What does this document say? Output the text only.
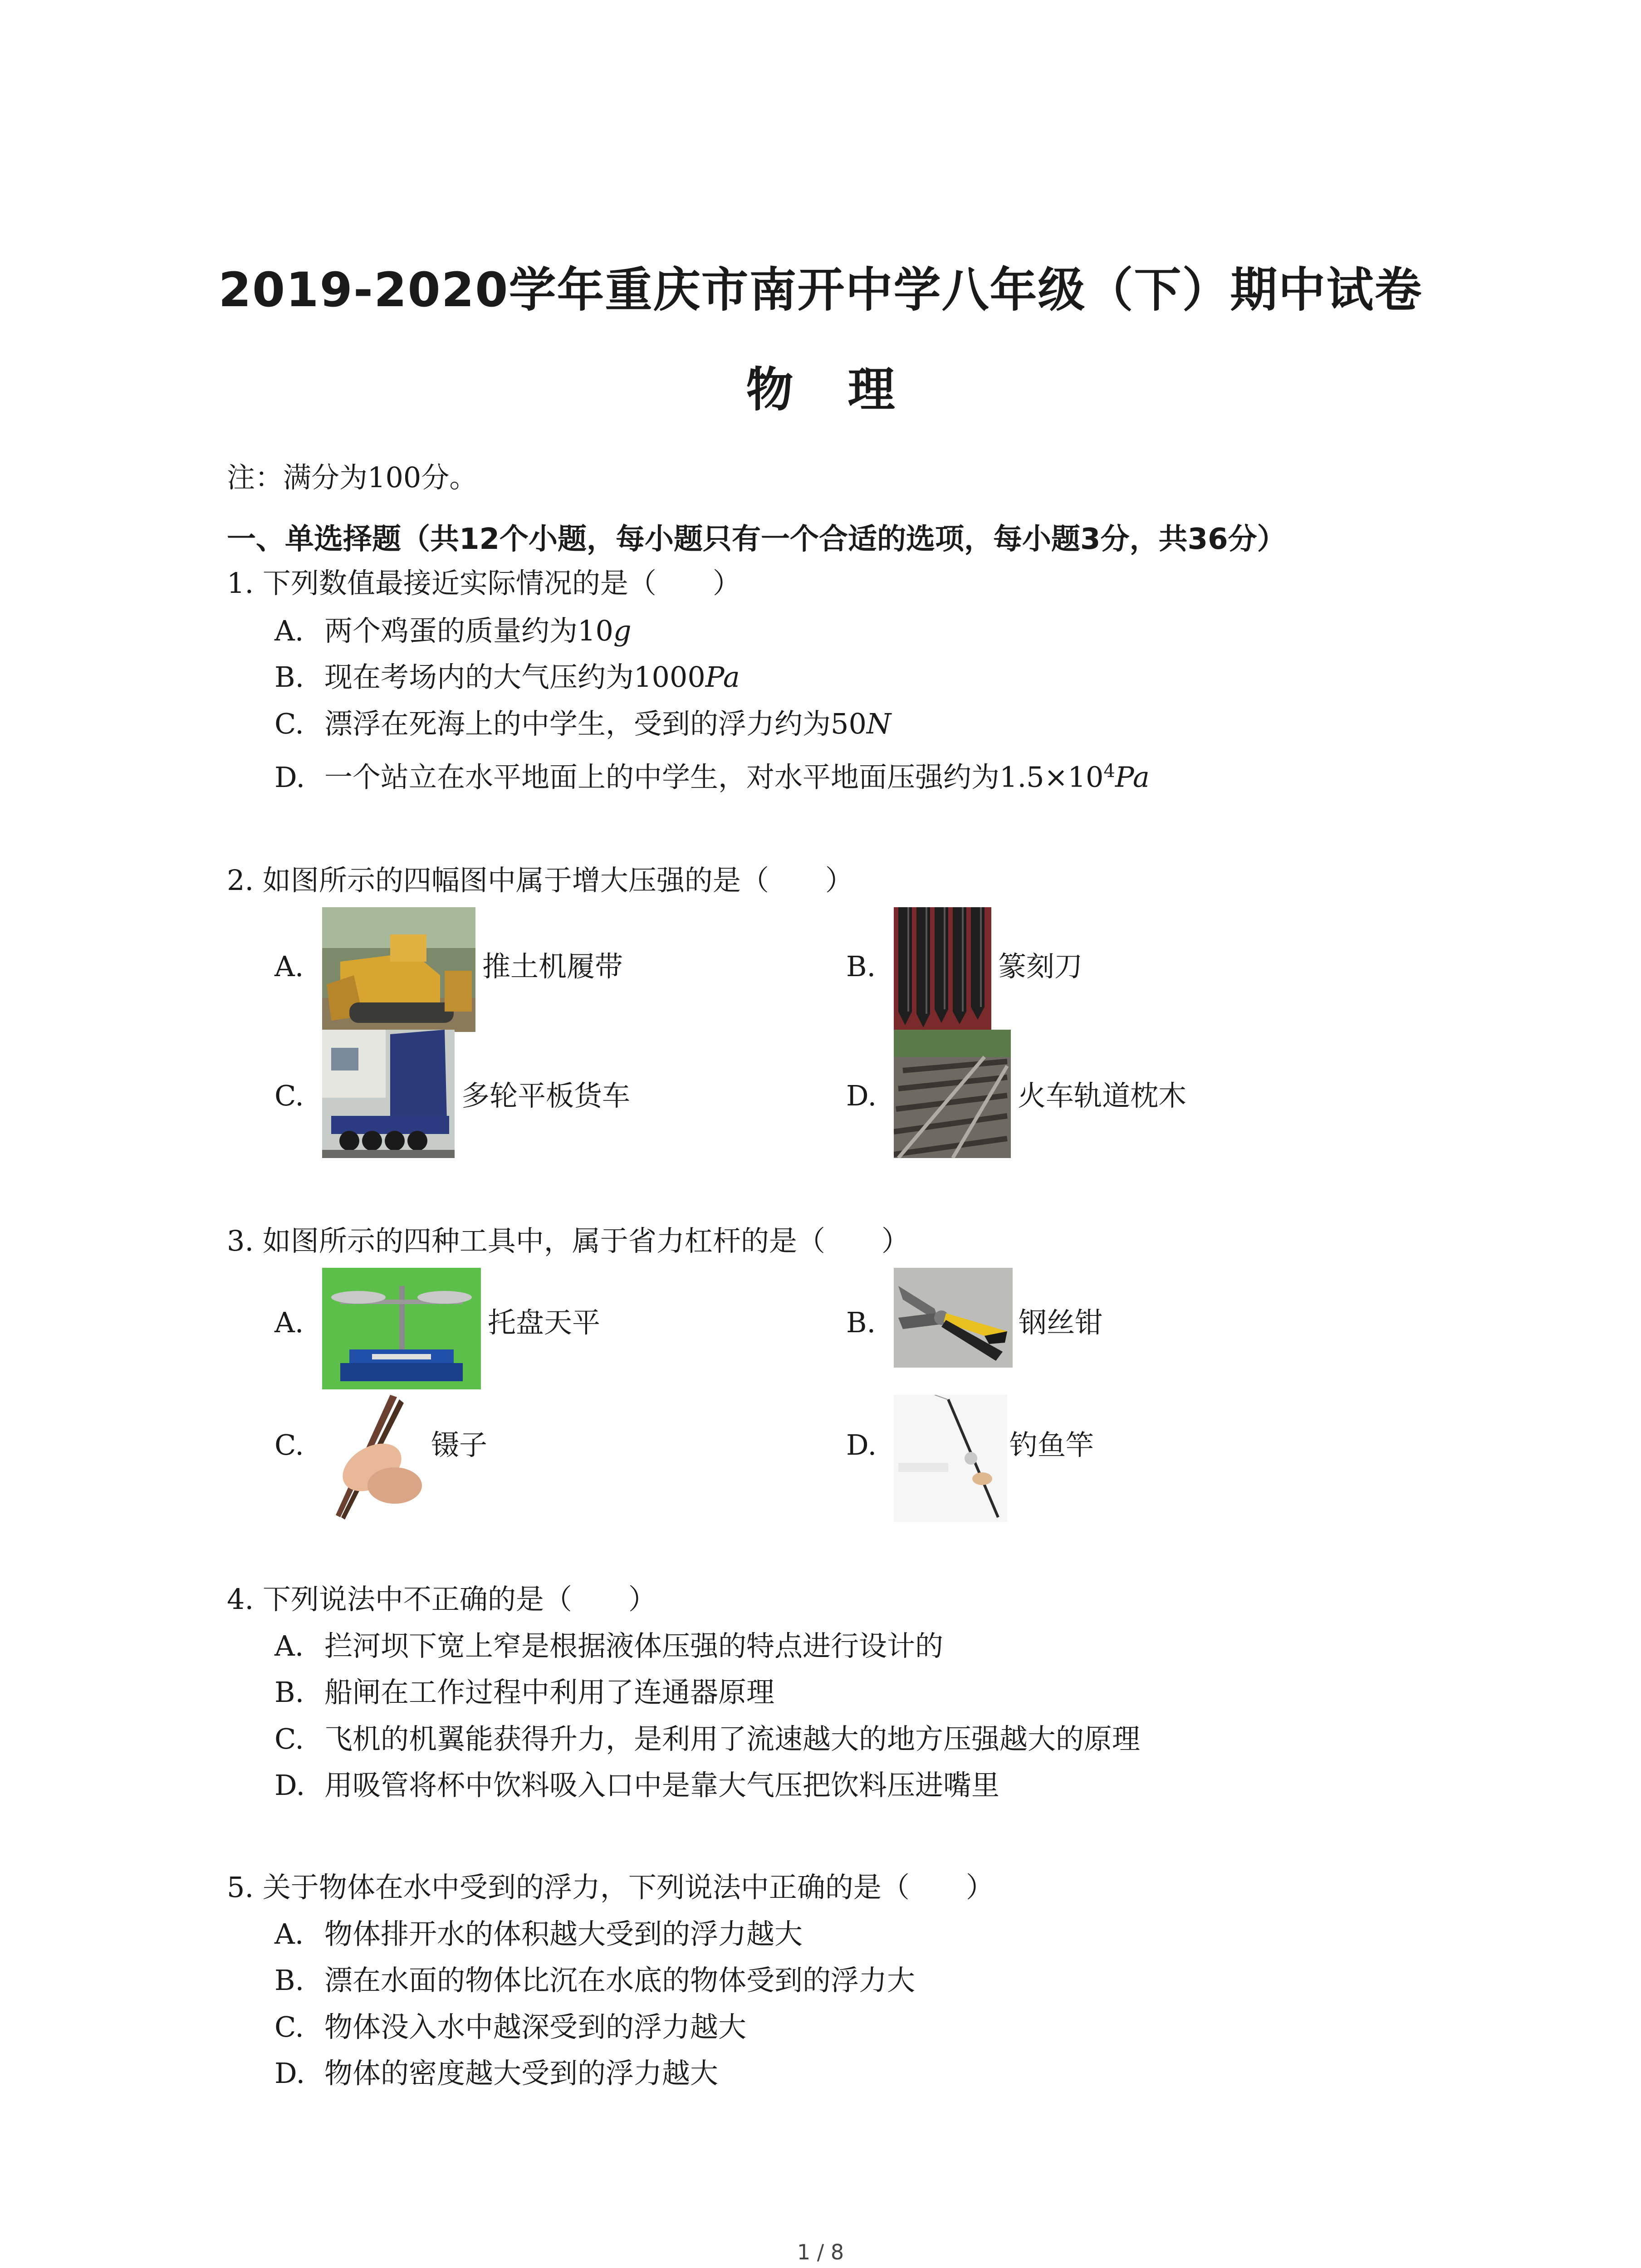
2019-2020学年重庆市南开中学八年级（下）期中试卷
物理
注：满分为100分。
一、单选择题（共12个小题，每小题只有一个合适的选项，每小题3分，共36分）
1. 下列数值最接近实际情况的是（　　）
A. 两个鸡蛋的质量约为10g
B. 现在考场内的大气压约为1000Pa
C. 漂浮在死海上的中学生，受到的浮力约为50N
D. 一个站立在水平地面上的中学生，对水平地面压强约为$1.5\times 10^4Pa$
2. 如图所示的四幅图中属于增大压强的是（　　）
A.	推土机履带	B.	篆刻刀
C.	多轮平板货车	D.	火车轨道枕木
3. 如图所示的四种工具中，属于省力杠杆的是（　　）
A.	托盘天平	B.	钢丝钳
C.	镊子	D.	钓鱼竿
4. 下列说法中不正确的是（　　）
A. 拦河坝下宽上窄是根据液体压强的特点进行设计的
B. 船闸在工作过程中利用了连通器原理
C. 飞机的机翼能获得升力，是利用了流速越大的地方压强越大的原理
D. 用吸管将杯中饮料吸入口中是靠大气压把饮料压进嘴里
5. 关于物体在水中受到的浮力，下列说法中正确的是（　　）
A. 物体排开水的体积越大受到的浮力越大
B. 漂在水面的物体比沉在水底的物体受到的浮力大
C. 物体没入水中越深受到的浮力越大
D. 物体的密度越大受到的浮力越大
1 / 8
